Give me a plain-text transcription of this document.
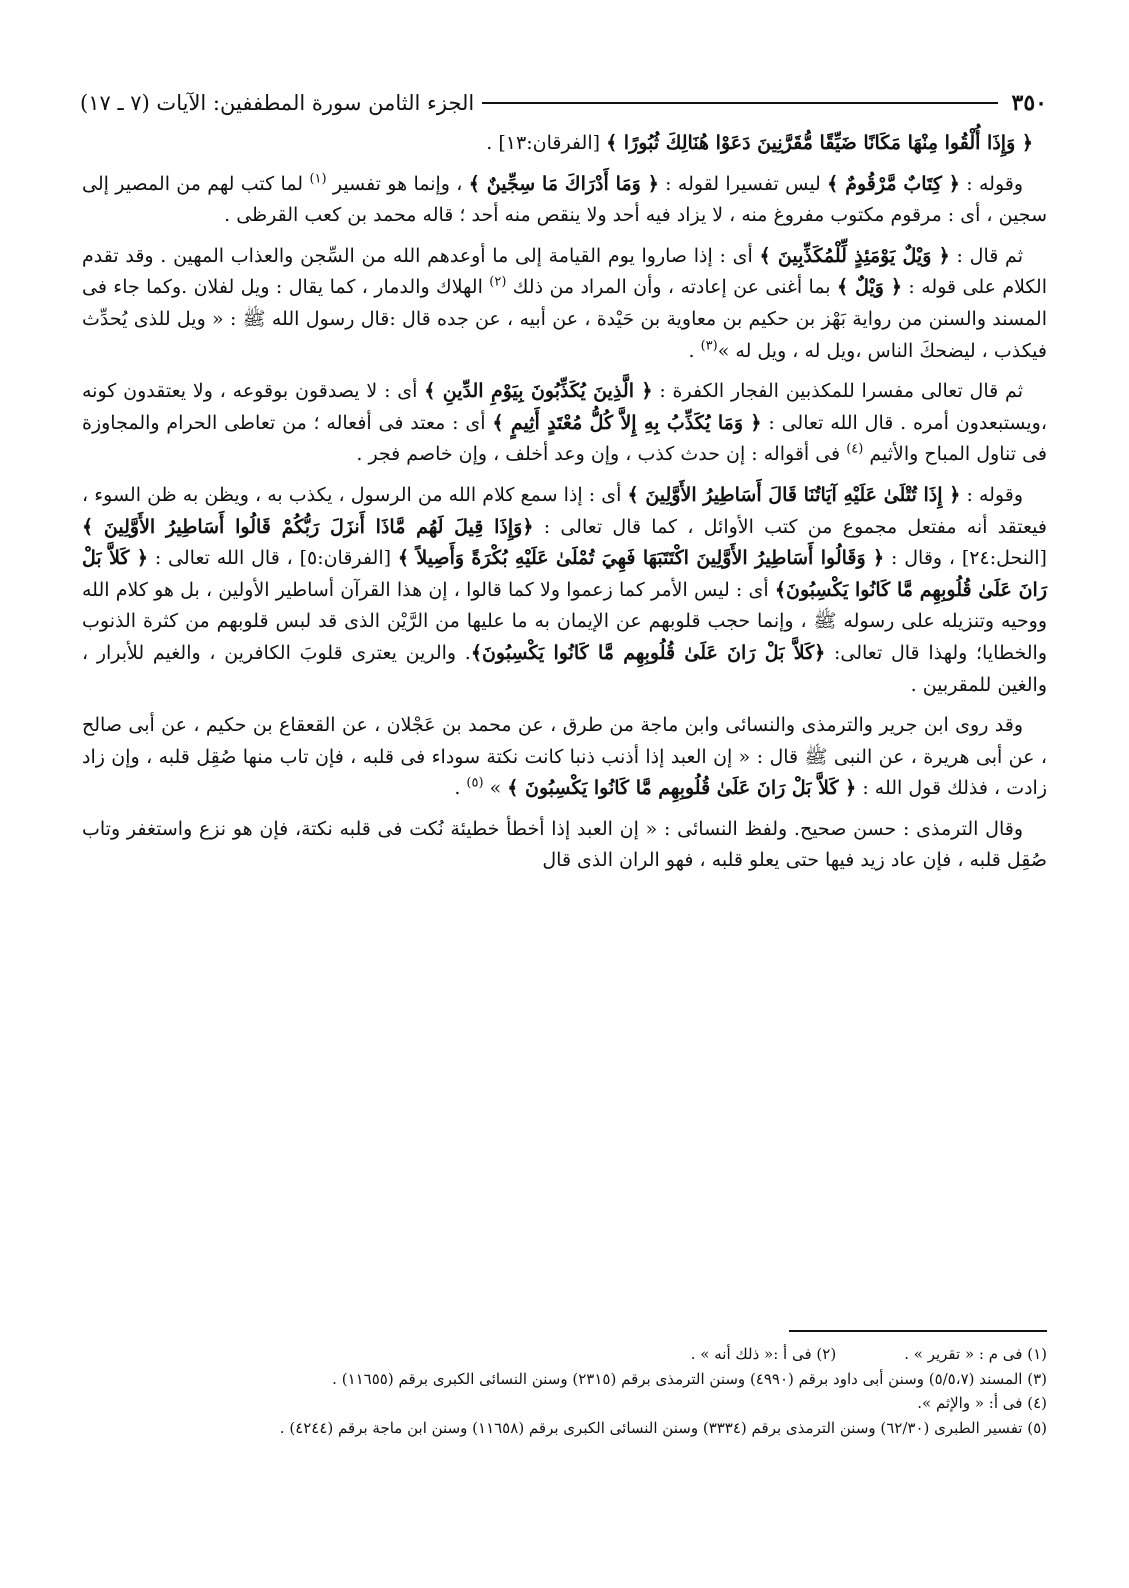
٣٥٠
الجزء الثامن سورة المطففين: الآيات (٧ ـ ١٧)

﴿ وَإِذَا أُلْقُوا مِنْهَا مَكَانًا ضَيِّقًا مُّقَرَّنِينَ دَعَوْا هُنَالِكَ ثُبُورًا ﴾ [الفرقان:١٣] .

وقوله : ﴿ كِتَابٌ مَّرْقُومٌ ﴾ ليس تفسيرا لقوله : ﴿ وَمَا أَدْرَاكَ مَا سِجِّينٌ ﴾ ، وإنما هو تفسير $^{(١)}$ لما كتب لهم من المصير إلى سجين ، أى : مرقوم مكتوب مفروغ منه ، لا يزاد فيه أحد ولا ينقص منه أحد ؛ قاله محمد بن كعب القرظى .

ثم قال : ﴿ وَيْلٌ يَوْمَئِذٍ لِّلْمُكَذِّبِينَ ﴾ أى : إذا صاروا يوم القيامة إلى ما أوعدهم الله من السِّجن والعذاب المهين . وقد تقدم الكلام على قوله : ﴿ وَيْلٌ ﴾ بما أغنى عن إعادته ، وأن المراد من ذلك $^{(٢)}$ الهلاك والدمار ، كما يقال : ويل لفلان .وكما جاء فى المسند والسنن من رواية بَهْز بن حكيم بن معاوية بن حَيْدة ، عن أبيه ، عن جده قال :قال رسول الله ﷺ : « ويل للذى يُحدِّث فيكذب ، ليضحكَ الناس ،ويل له ، ويل له »$^{(٣)}$ .

ثم قال تعالى مفسرا للمكذبين الفجار الكفرة : ﴿ الَّذِينَ يُكَذِّبُونَ بِيَوْمِ الدِّينِ ﴾ أى : لا يصدقون بوقوعه ، ولا يعتقدون كونه ،ويستبعدون أمره . قال الله تعالى : ﴿ وَمَا يُكَذِّبُ بِهِ إِلاَّ كُلُّ مُعْتَدٍ أَثِيمٍ ﴾ أى : معتد فى أفعاله ؛ من تعاطى الحرام والمجاوزة فى تناول المباح والأثيم $^{(٤)}$ فى أقواله : إن حدث كذب ، وإن وعد أخلف ، وإن خاصم فجر .

وقوله : ﴿ إِذَا تُتْلَىٰ عَلَيْهِ آيَاتُنَا قَالَ أَسَاطِيرُ الأَوَّلِينَ ﴾ أى : إذا سمع كلام الله من الرسول ، يكذب به ، ويظن به ظن السوء ، فيعتقد أنه مفتعل مجموع من كتب الأوائل ، كما قال تعالى : ﴿وَإِذَا قِيلَ لَهُم مَّاذَا أَنزَلَ رَبُّكُمْ قَالُوا أَسَاطِيرُ الأَوَّلِينَ ﴾ [النحل:٢٤] ، وقال : ﴿ وَقَالُوا أَسَاطِيرُ الأَوَّلِينَ اكْتَتَبَهَا فَهِيَ تُمْلَىٰ عَلَيْهِ بُكْرَةً وَأَصِيلاً ﴾ [الفرقان:٥] ، قال الله تعالى : ﴿ كَلاَّ بَلْ رَانَ عَلَىٰ قُلُوبِهِم مَّا كَانُوا يَكْسِبُونَ﴾ أى : ليس الأمر كما زعموا ولا كما قالوا ، إن هذا القرآن أساطير الأولين ، بل هو كلام الله ووحيه وتنزيله على رسوله ﷺ ، وإنما حجب قلوبهم عن الإيمان به ما عليها من الرَّيْن الذى قد لبس قلوبهم من كثرة الذنوب والخطايا؛ ولهذا قال تعالى: ﴿كَلاَّ بَلْ رَانَ عَلَىٰ قُلُوبِهِم مَّا كَانُوا يَكْسِبُونَ﴾. والرين يعترى قلوبَ الكافرين ، والغيم للأبرار ، والغين للمقربين .

وقد روى ابن جرير والترمذى والنسائى وابن ماجة من طرق ، عن محمد بن عَجْلان ، عن القعقاع بن حكيم ، عن أبى صالح ، عن أبى هريرة ، عن النبى ﷺ قال : « إن العبد إذا أذنب ذنبا كانت نكتة سوداء فى قلبه ، فإن تاب منها صُقِل قلبه ، وإن زاد زادت ، فذلك قول الله : ﴿ كَلاَّ بَلْ رَانَ عَلَىٰ قُلُوبِهِم مَّا كَانُوا يَكْسِبُونَ ﴾ » $^{(٥)}$ .

وقال الترمذى : حسن صحيح. ولفظ النسائى : « إن العبد إذا أخطأ خطيئة نُكت فى قلبه نكتة، فإن هو نزع واستغفر وتاب صُقِل قلبه ، فإن عاد زيد فيها حتى يعلو قلبه ، فهو الران الذى قال

(١) فى م : « تقرير » .

(٢) فى أ :« ذلك أنه » .

(٣) المسند (٥/٥،٧) وسنن أبى داود برقم (٤٩٩٠) وسنن الترمذى برقم (٢٣١٥) وسنن النسائى الكبرى برقم (١١٦٥٥) .

(٤) فى أ: « والإثم ».

(٥) تفسير الطبرى (٦٢/٣٠) وسنن الترمذى برقم (٣٣٣٤) وسنن النسائى الكبرى برقم (١١٦٥٨) وسنن ابن ماجة برقم (٤٢٤٤) .
